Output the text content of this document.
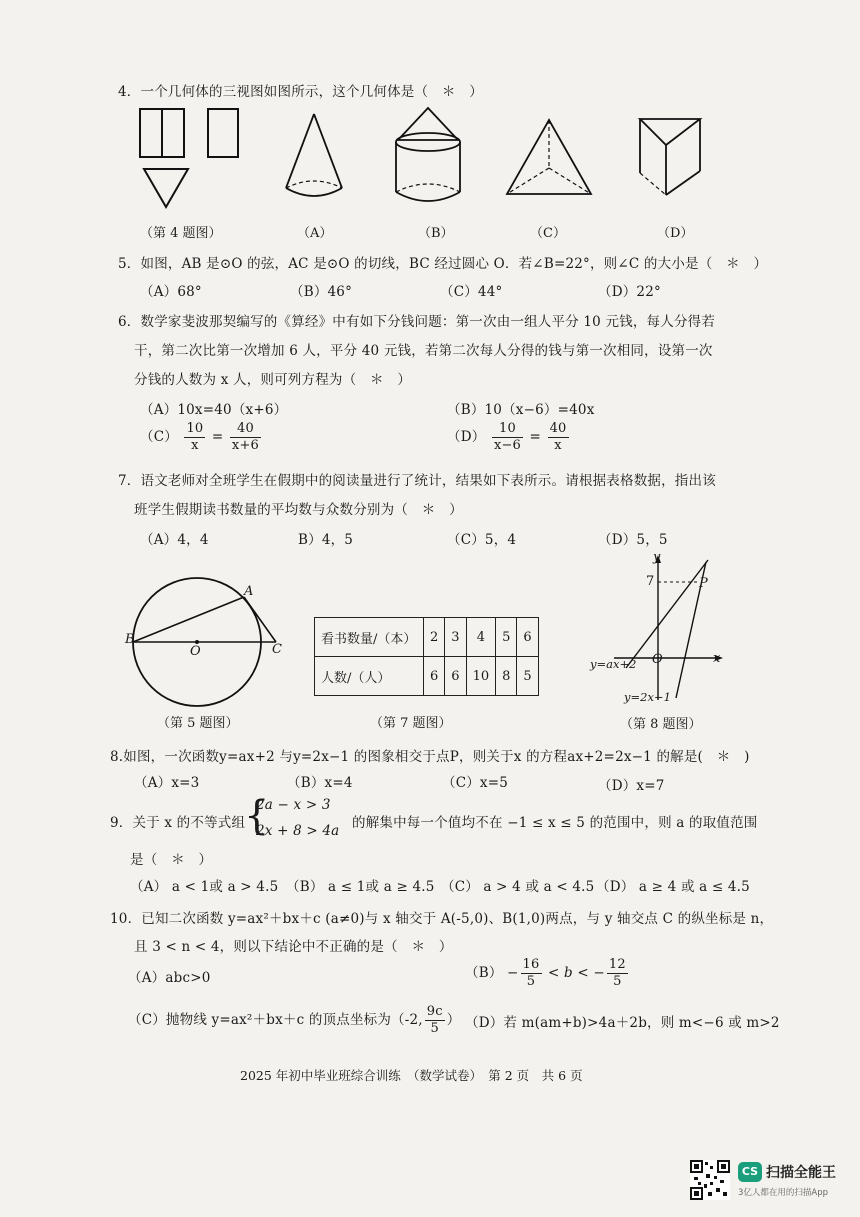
4．一个几何体的三视图如图所示，这个几何体是（　＊　）
（第 4 题图）	（A）	（B）	（C）	（D）
5．如图，AB 是⊙O 的弦，AC 是⊙O 的切线，BC 经过圆心 O．若∠B=22°，则∠C 的大小是（　＊　）
（A）68°	（B）46°	（C）44°	（D）22°
6．数学家斐波那契编写的《算经》中有如下分钱问题：第一次由一组人平分 10 元钱，每人分得若
干，第二次比第一次增加 6 人，平分 40 元钱，若第二次每人分得的钱与第一次相同，设第一次
分钱的人数为 x 人，则可列方程为（　＊　）
（A）10x=40（x+6）	（B）10（x−6）=40x
$(C) \frac{10}{x} = \frac{40}{x+6}$	$(D) \frac{10}{x-6} = \frac{40}{x}$
7．语文老师对全班学生在假期中的阅读量进行了统计，结果如下表所示。请根据表格数据，指出该
班学生假期读书数量的平均数与众数分别为（　＊　）
（A）4，4	B）4，5	（C）5，4	（D）5，5
B
A
O	C
（第 5 题图）
看书数量/（本）	2	3	4	5	6
人数/（人）	6	6	10	8	5
（第 7 题图）
y
x
O
P
7
y=ax+2
y=2x−1
（第 8 题图）
8.如图，一次函数y=ax+2 与y=2x−1 的图象相交于点P，则关于x 的方程ax+2=2x−1 的解是(　＊　)
（A）x=3	（B）x=4	（C）x=5	（D）x=7
9．关于 x 的不等式组
{
2a − x > 3
2x + 8 > 4a 的解集中每一个值均不在 −1 ≤ x ≤ 5 的范围中，则 a 的取值范围
是（　＊　）
（A） a < 1或 a > 4.5 （B） a ≤ 1或 a ≥ 4.5 （C） a > 4 或 a < 4.5 （D） a ≥ 4 或 a ≤ 4.5
10．已知二次函数 y=ax²＋bx＋c (a≠0)与 x 轴交于 A(-5,0)、B(1,0)两点，与 y 轴交点 C 的纵坐标是 n，
且 3 < n < 4，则以下结论中不正确的是（　＊　）
（A）abc>0	$(B) - \frac{16}{5} < b$ < − $\frac{12}{5}$
（C）抛物线 y=ax²＋bx＋c 的顶点坐标为（-2, $\frac{9c}{5}$ ） （D）若 m(am+b)>4a＋2b，则 m<−6 或 m>2
2025 年初中毕业班综合训练　（数学试卷）　第 2 页　共 6 页
CS 扫描全能王
3亿人都在用的扫描App
